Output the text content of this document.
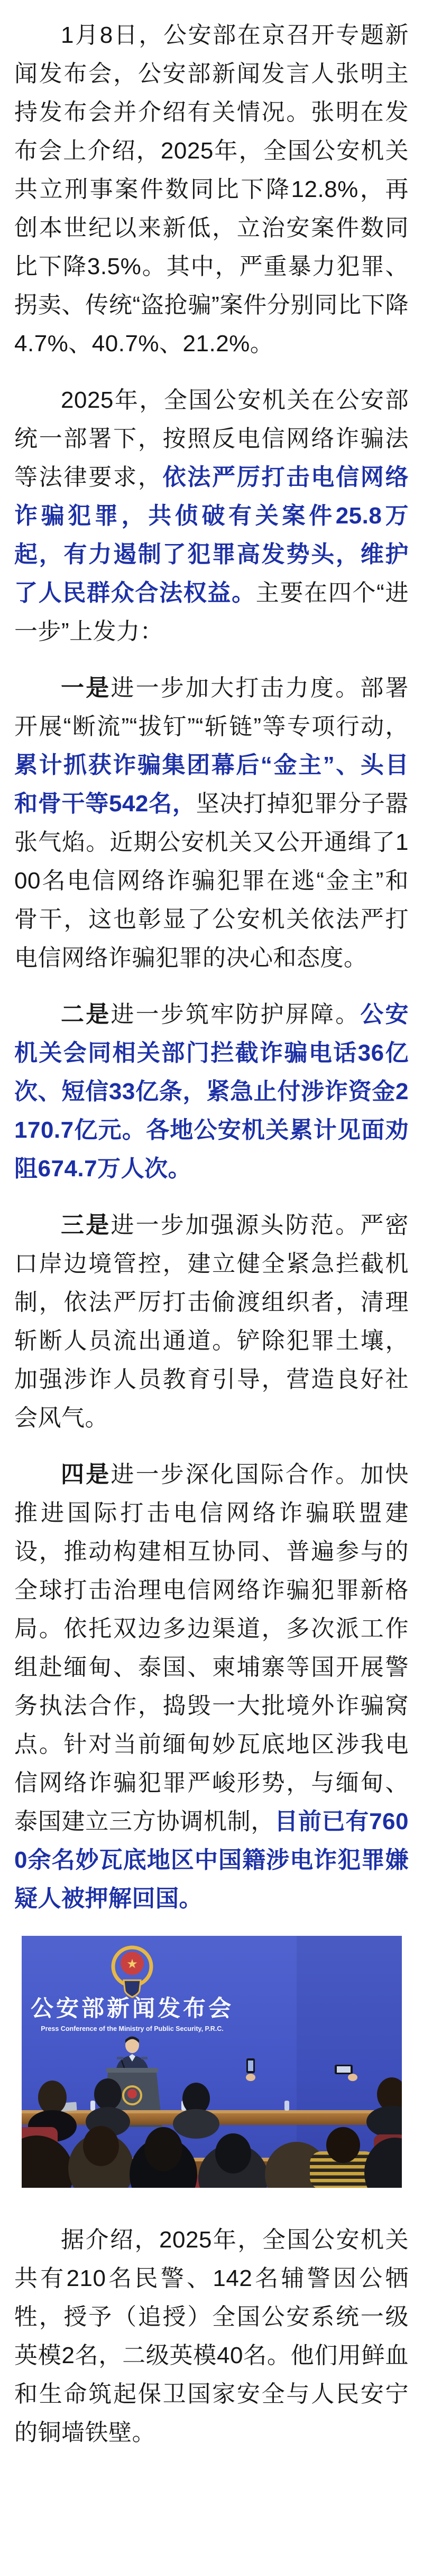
1月8日，公安部在京召开专题新闻发布会，公安部新闻发言人张明主持发布会并介绍有关情况。张明在发布会上介绍，2025年，全国公安机关共立刑事案件数同比下降12.8%，再创本世纪以来新低，立治安案件数同比下降3.5%。其中，严重暴力犯罪、拐卖、传统“盗抢骗”案件分别同比下降4.7%、40.7%、21.2%。

2025年，全国公安机关在公安部统一部署下，按照反电信网络诈骗法等法律要求，依法严厉打击电信网络诈骗犯罪，共侦破有关案件25.8万起，有力遏制了犯罪高发势头，维护了人民群众合法权益。主要在四个“进一步”上发力：

一是进一步加大打击力度。部署开展“断流”“拔钉”“斩链”等专项行动，累计抓获诈骗集团幕后“金主”、头目和骨干等542名，坚决打掉犯罪分子嚣张气焰。近期公安机关又公开通缉了100名电信网络诈骗犯罪在逃“金主”和骨干，这也彰显了公安机关依法严打电信网络诈骗犯罪的决心和态度。

二是进一步筑牢防护屏障。公安机关会同相关部门拦截诈骗电话36亿次、短信33亿条，紧急止付涉诈资金2170.7亿元。各地公安机关累计见面劝阻674.7万人次。

三是进一步加强源头防范。严密口岸边境管控，建立健全紧急拦截机制，依法严厉打击偷渡组织者，清理斩断人员流出通道。铲除犯罪土壤，加强涉诈人员教育引导，营造良好社会风气。

四是进一步深化国际合作。加快推进国际打击电信网络诈骗联盟建设，推动构建相互协同、普遍参与的全球打击治理电信网络诈骗犯罪新格局。依托双边多边渠道，多次派工作组赴缅甸、泰国、柬埔寨等国开展警务执法合作，捣毁一大批境外诈骗窝点。针对当前缅甸妙瓦底地区涉我电信网络诈骗犯罪严峻形势，与缅甸、泰国建立三方协调机制，目前已有7600余名妙瓦底地区中国籍涉电诈犯罪嫌疑人被押解回国。

★
公安部新闻发布会
Press Conference of the Ministry of Public Security, P.R.C.

据介绍，2025年，全国公安机关共有210名民警、142名辅警因公牺牲，授予（追授）全国公安系统一级英模2名，二级英模40名。他们用鲜血和生命筑起保卫国家安全与人民安宁的铜墙铁壁。
